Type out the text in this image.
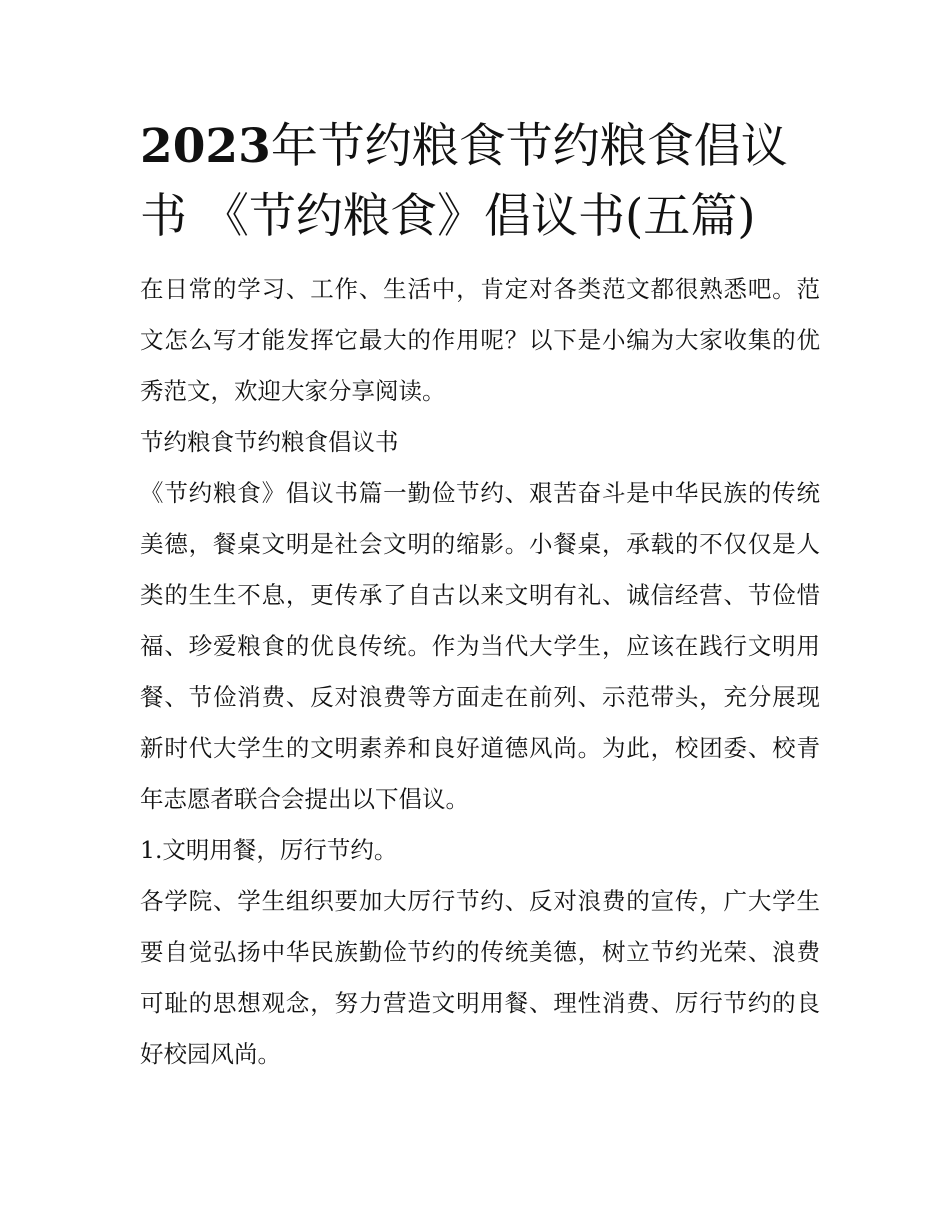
2023年节约粮食节约粮食倡议书 《节约粮食》倡议书(五篇)

在日常的学习、工作、生活中，肯定对各类范文都很熟悉吧。范文怎么写才能发挥它最大的作用呢？以下是小编为大家收集的优秀范文，欢迎大家分享阅读。

节约粮食节约粮食倡议书

《节约粮食》倡议书篇一勤俭节约、艰苦奋斗是中华民族的传统美德，餐桌文明是社会文明的缩影。小餐桌，承载的不仅仅是人类的生生不息，更传承了自古以来文明有礼、诚信经营、节俭惜福、珍爱粮食的优良传统。作为当代大学生，应该在践行文明用餐、节俭消费、反对浪费等方面走在前列、示范带头，充分展现新时代大学生的文明素养和良好道德风尚。为此，校团委、校青年志愿者联合会提出以下倡议。

1.文明用餐，厉行节约。

各学院、学生组织要加大厉行节约、反对浪费的宣传，广大学生要自觉弘扬中华民族勤俭节约的传统美德，树立节约光荣、浪费可耻的思想观念，努力营造文明用餐、理性消费、厉行节约的良好校园风尚。
